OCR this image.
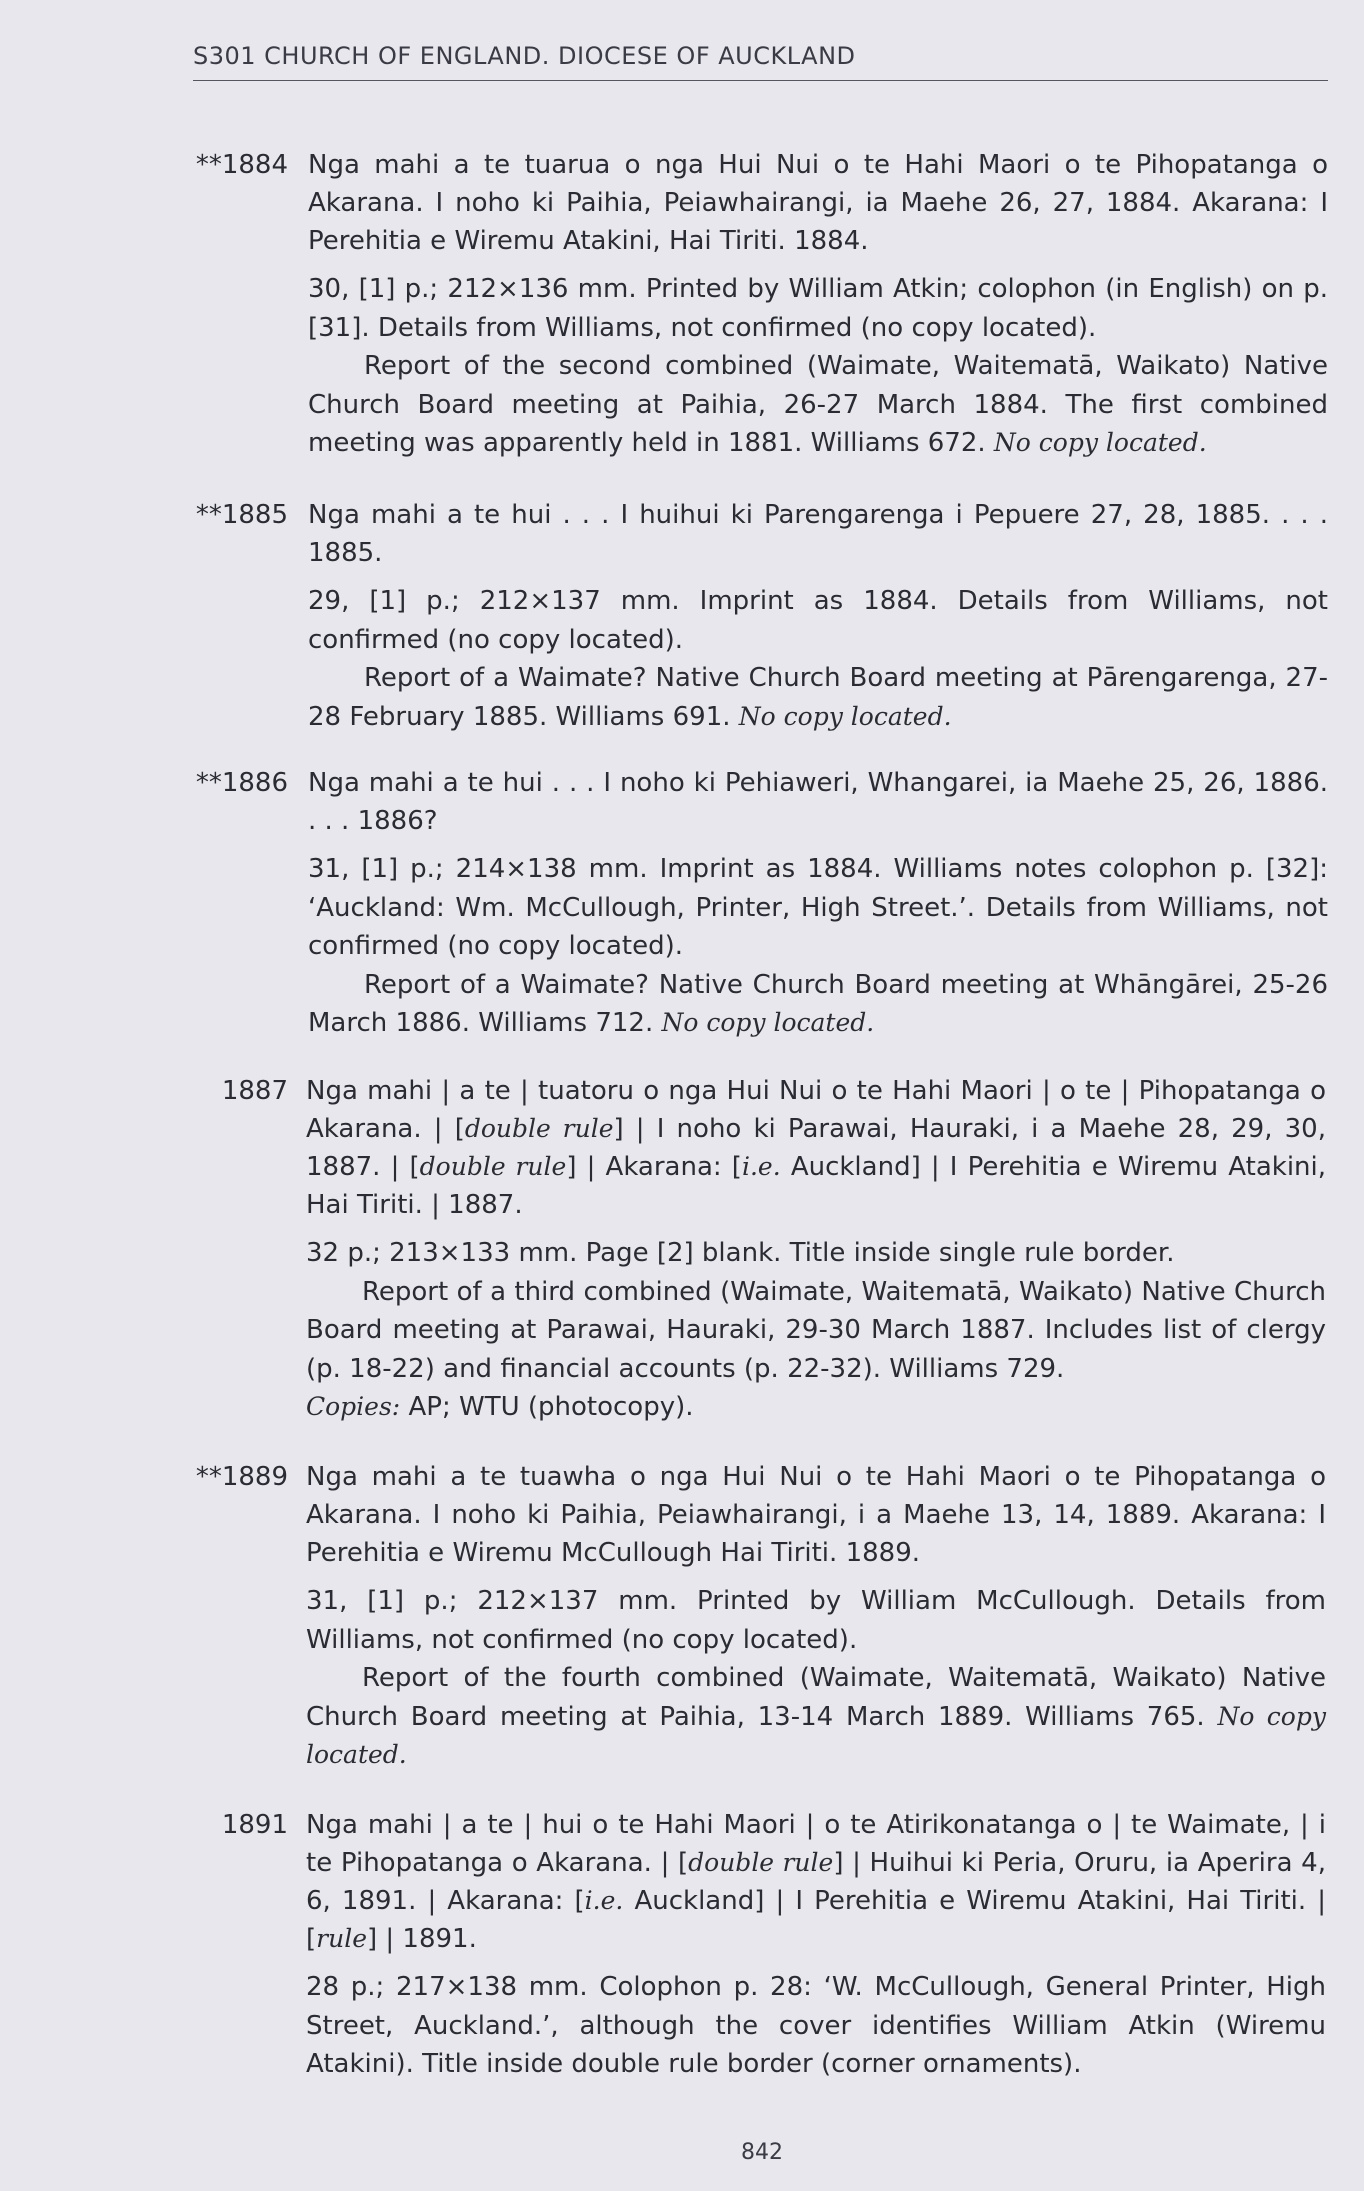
S301 CHURCH OF ENGLAND. DIOCESE OF AUCKLAND
**1884 Nga mahi a te tuarua o nga Hui Nui o te Hahi Maori o te Pihopatanga o Akarana. I noho ki Paihia, Peiawhairangi, ia Maehe 26, 27, 1884. Akarana: I Perehitia e Wiremu Atakini, Hai Tiriti. 1884.
30, [1] p.; 212×136 mm. Printed by William Atkin; colophon (in English) on p. [31]. Details from Williams, not confirmed (no copy located).
Report of the second combined (Waimate, Waitematā, Waikato) Native Church Board meeting at Paihia, 26-27 March 1884. The first combined meeting was apparently held in 1881. Williams 672. No copy located.
**1885 Nga mahi a te hui . . . I huihui ki Parengarenga i Pepuere 27, 28, 1885. . . . 1885.
29, [1] p.; 212×137 mm. Imprint as 1884. Details from Williams, not confirmed (no copy located).
Report of a Waimate? Native Church Board meeting at Pārengarenga, 27-28 February 1885. Williams 691. No copy located.
**1886 Nga mahi a te hui . . . I noho ki Pehiaweri, Whangarei, ia Maehe 25, 26, 1886. . . . 1886?
31, [1] p.; 214×138 mm. Imprint as 1884. Williams notes colophon p. [32]: ‘Auckland: Wm. McCullough, Printer, High Street.’. Details from Williams, not confirmed (no copy located).
Report of a Waimate? Native Church Board meeting at Whāngārei, 25-26 March 1886. Williams 712. No copy located.
1887 Nga mahi | a te | tuatoru o nga Hui Nui o te Hahi Maori | o te | Pihopatanga o Akarana. | [double rule] | I noho ki Parawai, Hauraki, i a Maehe 28, 29, 30, 1887. | [double rule] | Akarana: [i.e. Auckland] | I Perehitia e Wiremu Atakini, Hai Tiriti. | 1887.
32 p.; 213×133 mm. Page [2] blank. Title inside single rule border.
Report of a third combined (Waimate, Waitematā, Waikato) Native Church Board meeting at Parawai, Hauraki, 29-30 March 1887. Includes list of clergy (p. 18-22) and financial accounts (p. 22-32). Williams 729.
Copies: AP; WTU (photocopy).
**1889 Nga mahi a te tuawha o nga Hui Nui o te Hahi Maori o te Pihopatanga o Akarana. I noho ki Paihia, Peiawhairangi, i a Maehe 13, 14, 1889. Akarana: I Perehitia e Wiremu McCullough Hai Tiriti. 1889.
31, [1] p.; 212×137 mm. Printed by William McCullough. Details from Williams, not confirmed (no copy located).
Report of the fourth combined (Waimate, Waitematā, Waikato) Native Church Board meeting at Paihia, 13-14 March 1889. Williams 765. No copy located.
1891 Nga mahi | a te | hui o te Hahi Maori | o te Atirikonatanga o | te Waimate, | i te Pihopatanga o Akarana. | [double rule] | Huihui ki Peria, Oruru, ia Aperira 4, 6, 1891. | Akarana: [i.e. Auckland] | I Perehitia e Wiremu Atakini, Hai Tiriti. | [rule] | 1891.
28 p.; 217×138 mm. Colophon p. 28: ‘W. McCullough, General Printer, High Street, Auckland.’, although the cover identifies William Atkin (Wiremu Atakini). Title inside double rule border (corner ornaments).
842
